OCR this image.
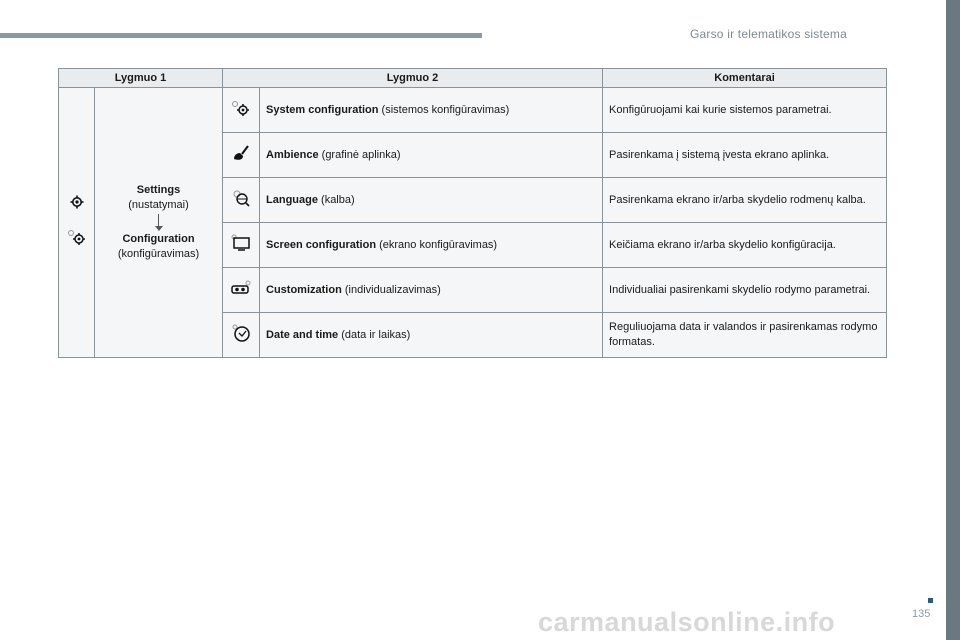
Garso ir telematikos sistema
Lygmuo 1		Lygmuo 2		Komentarai

Settings
(nustatymai)
Configuration
(konfigūravimas)		System configuration (sistemos konfigūravimas)	Konfigūruojami kai kurie sistemos parametrai.
	Ambience (grafinė aplinka)	Pasirenkama į sistemą įvesta ekrano aplinka.
	Language (kalba)	Pasirenkama ekrano ir/arba skydelio rodmenų kalba.
	Screen configuration (ekrano konfigūravimas)	Keičiama ekrano ir/arba skydelio konfigūracija.
	Customization (individualizavimas)	Individualiai pasirenkami skydelio rodymo parametrai.
	Date and time (data ir laikas)	Reguliuojama data ir valandos ir pasirenkamas rodymo formatas.
carmanualsonline.info	135
